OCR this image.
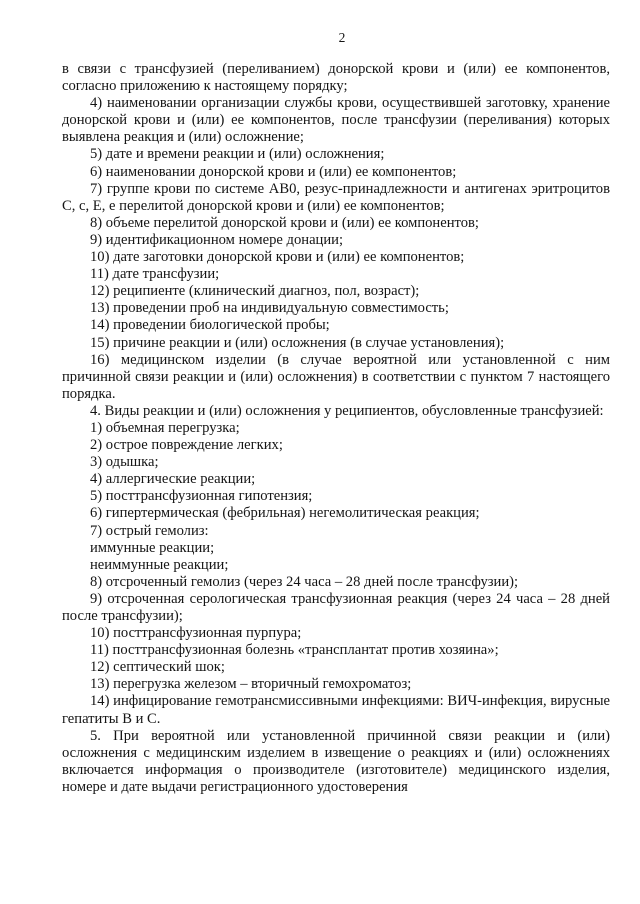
2

в связи с трансфузией (переливанием) донорской крови и (или) ее компонентов, согласно приложению к настоящему порядку;

4) наименовании организации службы крови, осуществившей заготовку, хранение донорской крови и (или) ее компонентов, после трансфузии (переливания) которых выявлена реакция и (или) осложнение;

5) дате и времени реакции и (или) осложнения;

6) наименовании донорской крови и (или) ее компонентов;

7) группе крови по системе АВ0, резус-принадлежности и антигенах эритроцитов C, c, E, e перелитой донорской крови и (или) ее компонентов;

8) объеме перелитой донорской крови и (или) ее компонентов;

9) идентификационном номере донации;

10) дате заготовки донорской крови и (или) ее компонентов;

11) дате трансфузии;

12) реципиенте (клинический диагноз, пол, возраст);

13) проведении проб на индивидуальную совместимость;

14) проведении биологической пробы;

15) причине реакции и (или) осложнения (в случае установления);

16) медицинском изделии (в случае вероятной или установленной с ним причинной связи реакции и (или) осложнения) в соответствии с пунктом 7 настоящего порядка.

4. Виды реакции и (или) осложнения у реципиентов, обусловленные трансфузией:

1) объемная перегрузка;

2) острое повреждение легких;

3) одышка;

4) аллергические реакции;

5) посттрансфузионная гипотензия;

6) гипертермическая (фебрильная) негемолитическая реакция;

7) острый гемолиз:

иммунные реакции;

неиммунные реакции;

8) отсроченный гемолиз (через 24 часа – 28 дней после трансфузии);

9) отсроченная серологическая трансфузионная реакция (через 24 часа – 28 дней после трансфузии);

10) посттрансфузионная пурпура;

11) посттрансфузионная болезнь «трансплантат против хозяина»;

12) септический шок;

13) перегрузка железом – вторичный гемохроматоз;

14) инфицирование гемотрансмиссивными инфекциями: ВИЧ-инфекция, вирусные гепатиты В и С.

5. При вероятной или установленной причинной связи реакции и (или) осложнения с медицинским изделием в извещение о реакциях и (или) осложнениях включается информация о производителе (изготовителе) медицинского изделия, номере и дате выдачи регистрационного удостоверения
